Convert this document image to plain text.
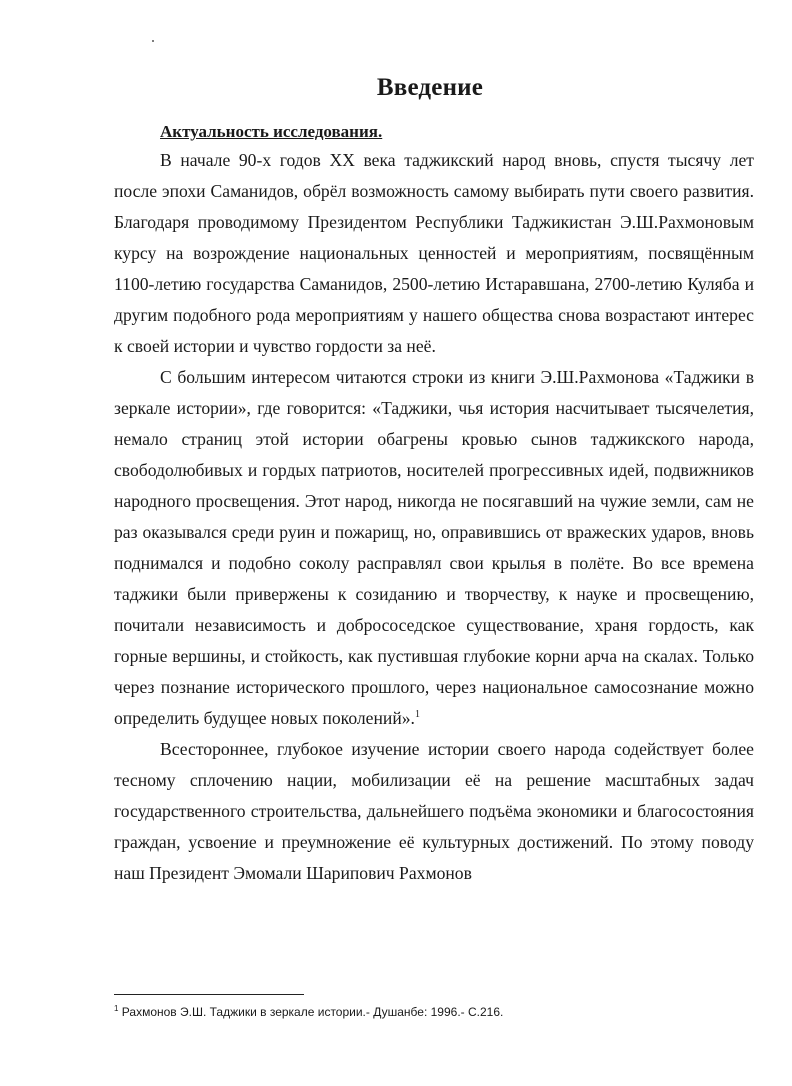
Введение
Актуальность исследования.

В начале 90-х годов XX века таджикский народ вновь, спустя тысячу лет после эпохи Саманидов, обрёл возможность самому выбирать пути своего развития. Благодаря проводимому Президентом Республики Таджикистан Э.Ш.Рахмоновым курсу на возрождение национальных ценностей и мероприятиям, посвящённым 1100-летию государства Саманидов, 2500-летию Истаравшана, 2700-летию Куляба и другим подобного рода мероприятиям у нашего общества снова возрастают интерес к своей истории и чувство гордости за неё.

С большим интересом читаются строки из книги Э.Ш.Рахмонова «Таджики в зеркале истории», где говорится: «Таджики, чья история насчитывает тысячелетия, немало страниц этой истории обагрены кровью сынов таджикского народа, свободолюбивых и гордых патриотов, носителей прогрессивных идей, подвижников народного просвещения. Этот народ, никогда не посягавший на чужие земли, сам не раз оказывался среди руин и пожарищ, но, оправившись от вражеских ударов, вновь поднимался и подобно соколу расправлял свои крылья в полёте. Во все времена таджики были привержены к созиданию и творчеству, к науке и просвещению, почитали независимость и добрососедское существование, храня гордость, как горные вершины, и стойкость, как пустившая глубокие корни арча на скалах. Только через познание исторического прошлого, через национальное самосознание можно определить будущее новых поколений».$^1$

Всестороннее, глубокое изучение истории своего народа содействует более тесному сплочению нации, мобилизации её на решение масштабных задач государственного строительства, дальнейшего подъёма экономики и благосостояния граждан, усвоение и преумножение её культурных достижений. По этому поводу наш Президент Эмомали Шарипович Рахмонов

$^1$ Рахмонов Э.Ш. Таджики в зеркале истории.- Душанбе: 1996.- С.216.
